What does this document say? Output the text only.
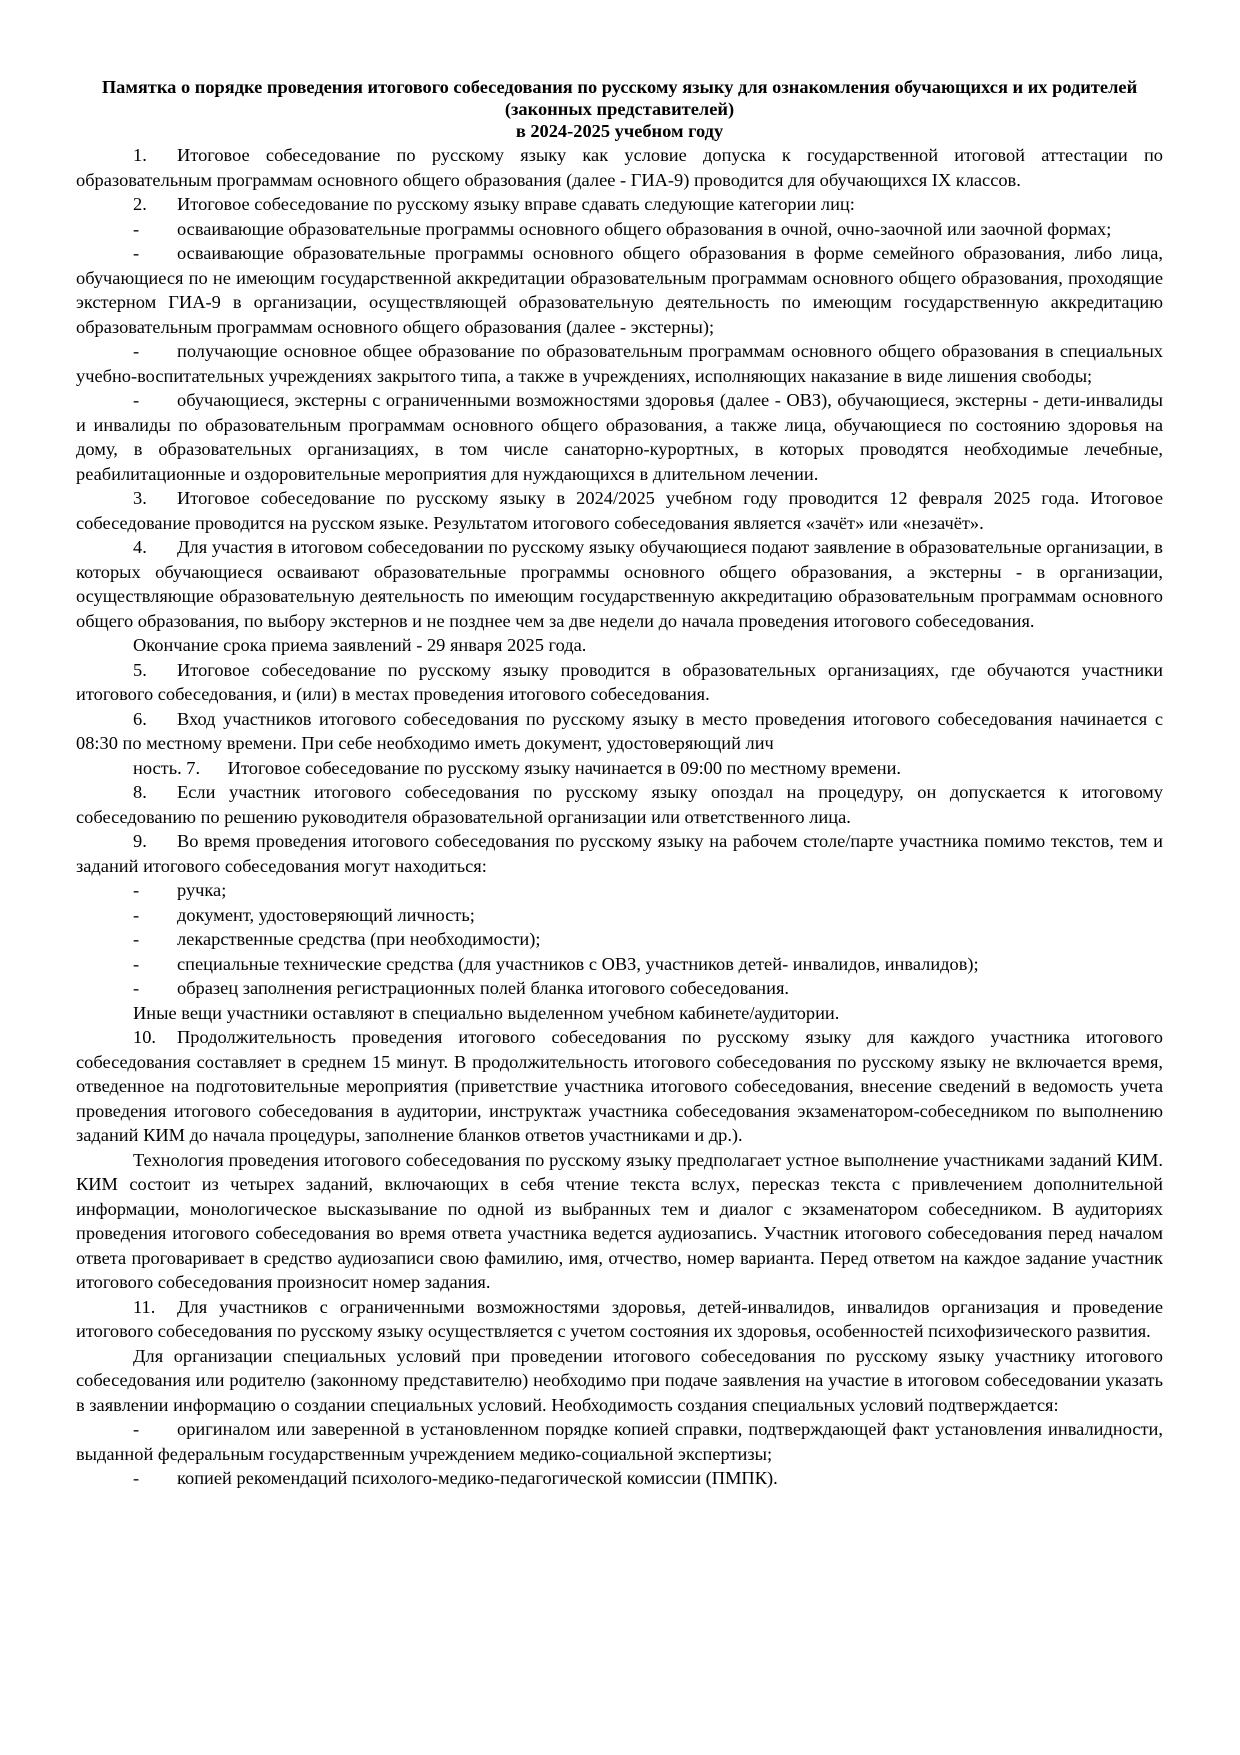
Памятка о порядке проведения итогового собеседования по русскому языку для ознакомления обучающихся и их родителей (законных представителей)

в 2024-2025 учебном году

1. Итоговое собеседование по русскому языку как условие допуска к государственной итоговой аттестации по образовательным программам основного общего образования (далее - ГИА-9) проводится для обучающихся IX классов.

2. Итоговое собеседование по русскому языку вправе сдавать следующие категории лиц:

- осваивающие образовательные программы основного общего образования в очной, очно-заочной или заочной формах;

- осваивающие образовательные программы основного общего образования в форме семейного образования, либо лица, обучающиеся по не имеющим государственной аккредитации образовательным программам основного общего образования, проходящие экстерном ГИА-9 в организации, осуществляющей образовательную деятельность по имеющим государственную аккредитацию образовательным программам основного общего образования (далее - экстерны);

- получающие основное общее образование по образовательным программам основного общего образования в специальных учебно-воспитательных учреждениях закрытого типа, а также в учреждениях, исполняющих наказание в виде лишения свободы;

- обучающиеся, экстерны с ограниченными возможностями здоровья (далее - ОВЗ), обучающиеся, экстерны - дети-инвалиды и инвалиды по образовательным программам основного общего образования, а также лица, обучающиеся по состоянию здоровья на дому, в образовательных организациях, в том числе санаторно-курортных, в которых проводятся необходимые лечебные, реабилитационные и оздоровительные мероприятия для нуждающихся в длительном лечении.

3. Итоговое собеседование по русскому языку в 2024/2025 учебном году проводится 12 февраля 2025 года. Итоговое собеседование проводится на русском языке. Результатом итогового собеседования является «зачёт» или «незачёт».

4. Для участия в итоговом собеседовании по русскому языку обучающиеся подают заявление в образовательные организации, в которых обучающиеся осваивают образовательные программы основного общего образования, а экстерны - в организации, осуществляющие образовательную деятельность по имеющим государственную аккредитацию образовательным программам основного общего образования, по выбору экстернов и не позднее чем за две недели до начала проведения итогового собеседования.

Окончание срока приема заявлений - 29 января 2025 года.

5. Итоговое собеседование по русскому языку проводится в образовательных организациях, где обучаются участники итогового собеседования, и (или) в местах проведения итогового собеседования.

6. Вход участников итогового собеседования по русскому языку в место проведения итогового собеседования начинается с 08:30 по местному времени. При себе необходимо иметь документ, удостоверяющий лич

ность. 7. Итоговое собеседование по русскому языку начинается в 09:00 по местному времени.

8. Если участник итогового собеседования по русскому языку опоздал на процедуру, он допускается к итоговому собеседованию по решению руководителя образовательной организации или ответственного лица.

9. Во время проведения итогового собеседования по русскому языку на рабочем столе/парте участника помимо текстов, тем и заданий итогового собеседования могут находиться:

- ручка;

- документ, удостоверяющий личность;

- лекарственные средства (при необходимости);

- специальные технические средства (для участников с ОВЗ, участников детей- инвалидов, инвалидов);

- образец заполнения регистрационных полей бланка итогового собеседования.

Иные вещи участники оставляют в специально выделенном учебном кабинете/аудитории.

10. Продолжительность проведения итогового собеседования по русскому языку для каждого участника итогового собеседования составляет в среднем 15 минут. В продолжительность итогового собеседования по русскому языку не включается время, отведенное на подготовительные мероприятия (приветствие участника итогового собеседования, внесение сведений в ведомость учета проведения итогового собеседования в аудитории, инструктаж участника собеседования экзаменатором-собеседником по выполнению заданий КИМ до начала процедуры, заполнение бланков ответов участниками и др.).

Технология проведения итогового собеседования по русскому языку предполагает устное выполнение участниками заданий КИМ. КИМ состоит из четырех заданий, включающих в себя чтение текста вслух, пересказ текста с привлечением дополнительной информации, монологическое высказывание по одной из выбранных тем и диалог с экзаменатором собеседником. В аудиториях проведения итогового собеседования во время ответа участника ведется аудиозапись. Участник итогового собеседования перед началом ответа проговаривает в средство аудиозаписи свою фамилию, имя, отчество, номер варианта. Перед ответом на каждое задание участник итогового собеседования произносит номер задания.

11. Для участников с ограниченными возможностями здоровья, детей-инвалидов, инвалидов организация и проведение итогового собеседования по русскому языку осуществляется с учетом состояния их здоровья, особенностей психофизического развития.

Для организации специальных условий при проведении итогового собеседования по русскому языку участнику итогового собеседования или родителю (законному представителю) необходимо при подаче заявления на участие в итоговом собеседовании указать в заявлении информацию о создании специальных условий. Необходимость создания специальных условий подтверждается:

- оригиналом или заверенной в установленном порядке копией справки, подтверждающей факт установления инвалидности, выданной федеральным государственным учреждением медико-социальной экспертизы;

- копией рекомендаций психолого-медико-педагогической комиссии (ПМПК).
